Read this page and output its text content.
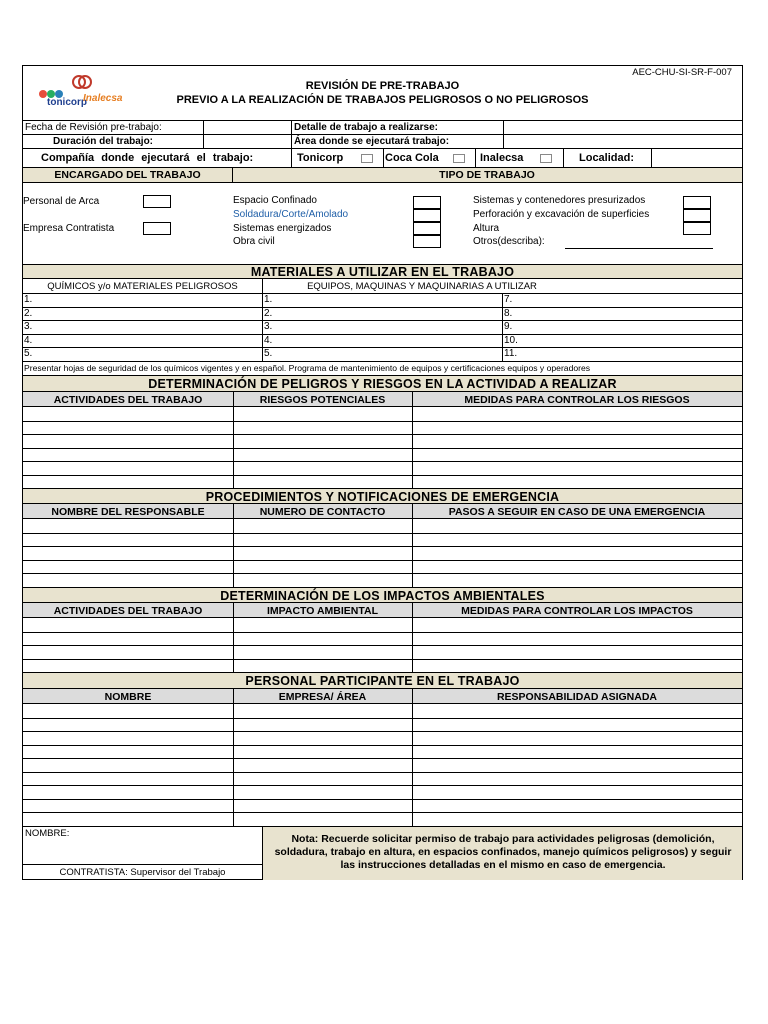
tonicorp
Inalecsa
AEC-CHU-SI-SR-F-007
REVISIÓN DE PRE-TRABAJO
PREVIO A LA REALIZACIÓN DE TRABAJOS PELIGROSOS O NO PELIGROSOS
Fecha de Revisión pre-trabajo:	Detalle de trabajo a realizarse:
Duración del trabajo:	Área donde se ejecutará trabajo:
Compañía donde ejecutará el trabajo:	Tonicorp	Coca Cola	Inalecsa	Localidad:
ENCARGADO DEL TRABAJO	TIPO DE TRABAJO
Personal de Arca
Empresa Contratista
Espacio Confinado
Soldadura/Corte/Amolado
Sistemas energizados
Obra civil
Sistemas y contenedores presurizados
Perforación y excavación de superficies
Altura
Otros(describa):
MATERIALES A UTILIZAR EN EL TRABAJO
QUÍMICOS y/o MATERIALES PELIGROSOS	EQUIPOS, MAQUINAS Y MAQUINARIAS A UTILIZAR
1.	1.	7.
2.	2.	8.
3.	3.	9.
4.	4.	10.
5.	5.	11.
Presentar hojas de seguridad de los químicos vigentes y en español. Programa de mantenimiento de equipos y certificaciones equipos y operadores
DETERMINACIÓN DE PELIGROS Y RIESGOS EN LA ACTIVIDAD A REALIZAR
ACTIVIDADES DEL TRABAJO	RIESGOS POTENCIALES	MEDIDAS PARA CONTROLAR LOS RIESGOS
PROCEDIMIENTOS Y NOTIFICACIONES DE EMERGENCIA
NOMBRE DEL RESPONSABLE	NUMERO DE CONTACTO	PASOS A SEGUIR EN CASO DE UNA EMERGENCIA
DETERMINACIÓN DE LOS IMPACTOS AMBIENTALES
ACTIVIDADES DEL TRABAJO	IMPACTO AMBIENTAL	MEDIDAS PARA CONTROLAR LOS IMPACTOS
PERSONAL PARTICIPANTE EN EL TRABAJO
NOMBRE	EMPRESA/ ÁREA	RESPONSABILIDAD ASIGNADA
NOMBRE:
CONTRATISTA: Supervisor del Trabajo
Nota: Recuerde solicitar permiso de trabajo para actividades peligrosas (demolición, soldadura, trabajo en altura, en espacios confinados, manejo químicos peligrosos) y seguir las instrucciones detalladas en el mismo en caso de emergencia.
